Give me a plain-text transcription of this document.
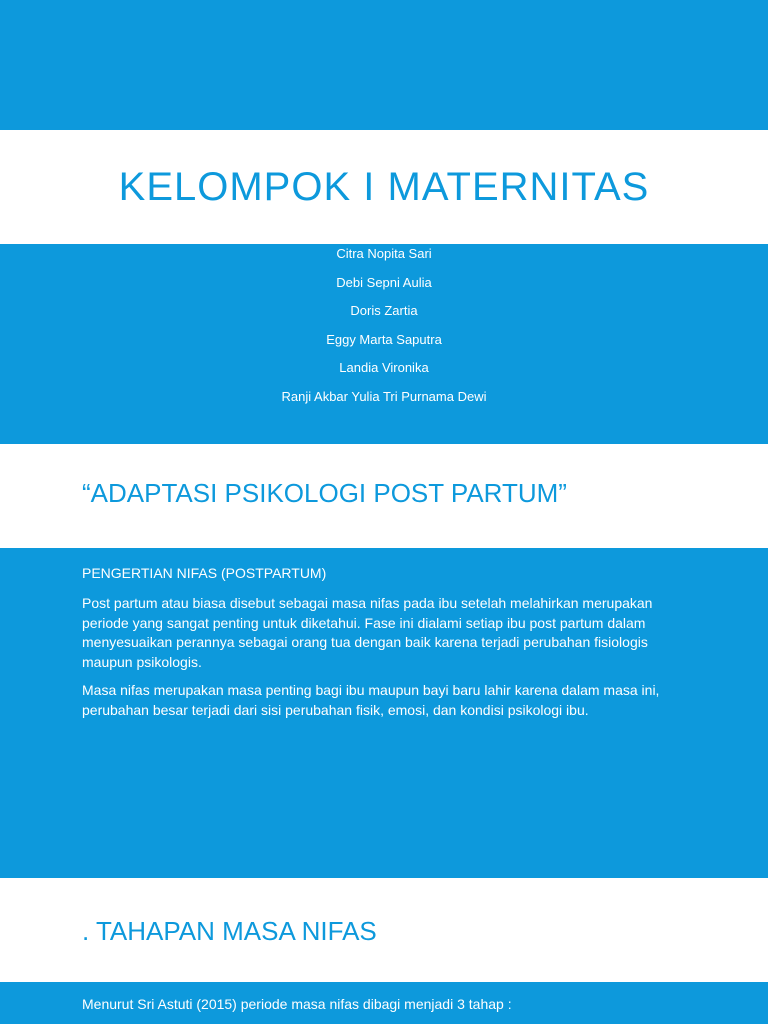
KELOMPOK I MATERNITAS
Citra Nopita Sari
Debi Sepni Aulia
Doris Zartia
Eggy Marta Saputra
Landia Vironika
Ranji Akbar Yulia Tri Purnama Dewi
“ADAPTASI PSIKOLOGI POST PARTUM”
PENGERTIAN NIFAS (POSTPARTUM)

Post partum atau biasa disebut sebagai masa nifas pada ibu setelah melahirkan merupakan periode yang sangat penting untuk diketahui. Fase ini dialami setiap ibu post partum dalam menyesuaikan perannya sebagai orang tua dengan baik karena terjadi perubahan fisiologis maupun psikologis.

Masa nifas merupakan masa penting bagi ibu maupun bayi baru lahir karena dalam masa ini, perubahan besar terjadi dari sisi perubahan fisik, emosi, dan kondisi psikologi ibu.

. TAHAPAN MASA NIFAS
Menurut Sri Astuti (2015) periode masa nifas dibagi menjadi 3 tahap :
